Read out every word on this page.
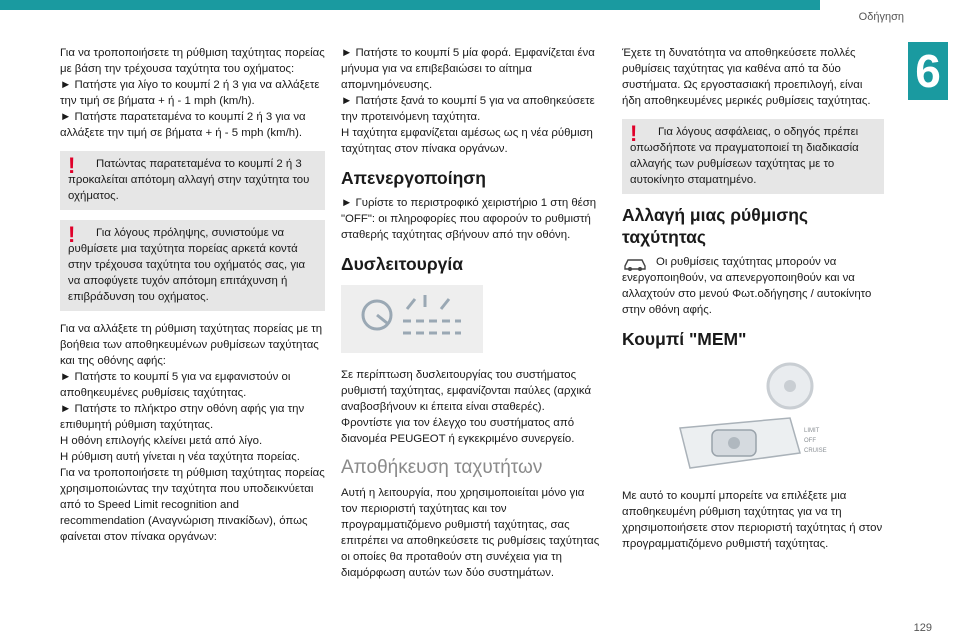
Οδήγηση
6

Για να τροποποιήσετε τη ρύθμιση ταχύτητας πορείας με βάση την τρέχουσα ταχύτητα του οχήματος:

► Πατήστε για λίγο το κουμπί 2 ή 3 για να αλλάξετε την τιμή σε βήματα + ή - 1 mph (km/h).

► Πατήστε παρατεταμένα το κουμπί 2 ή 3 για να αλλάξετε την τιμή σε βήματα + ή - 5 mph (km/h).

!	Πατώντας παρατεταμένα το κουμπί 2 ή 3 προκαλείται απότομη αλλαγή στην ταχύτητα του οχήματος.

!	Για λόγους πρόληψης, συνιστούμε να ρυθμίσετε μια ταχύτητα πορείας αρκετά κοντά στην τρέχουσα ταχύτητα του οχήματός σας, για να αποφύγετε τυχόν απότομη επιτάχυνση ή επιβράδυνση του οχήματος.

Για να αλλάξετε τη ρύθμιση ταχύτητας πορείας με τη βοήθεια των αποθηκευμένων ρυθμίσεων ταχύτητας και της οθόνης αφής:

► Πατήστε το κουμπί 5 για να εμφανιστούν οι αποθηκευμένες ρυθμίσεις ταχύτητας.

► Πατήστε το πλήκτρο στην οθόνη αφής για την επιθυμητή ρύθμιση ταχύτητας.

Η οθόνη επιλογής κλείνει μετά από λίγο.

Η ρύθμιση αυτή γίνεται η νέα ταχύτητα πορείας.

Για να τροποποιήσετε τη ρύθμιση ταχύτητας πορείας χρησιμοποιώντας την ταχύτητα που υποδεικνύεται από το Speed Limit recognition and recommendation (Αναγνώριση πινακίδων), όπως φαίνεται στον πίνακα οργάνων:

► Πατήστε το κουμπί 5 μία φορά. Εμφανίζεται ένα μήνυμα για να επιβεβαιώσει το αίτημα απομνημόνευσης.

► Πατήστε ξανά το κουμπί 5 για να αποθηκεύσετε την προτεινόμενη ταχύτητα.

Η ταχύτητα εμφανίζεται αμέσως ως η νέα ρύθμιση ταχύτητας στον πίνακα οργάνων.

Απενεργοποίηση

► Γυρίστε το περιστροφικό χειριστήριο 1 στη θέση "OFF": οι πληροφορίες που αφορούν το ρυθμιστή σταθερής ταχύτητας σβήνουν από την οθόνη.

Δυσλειτουργία

Σε περίπτωση δυσλειτουργίας του συστήματος ρυθμιστή ταχύτητας, εμφανίζονται παύλες (αρχικά αναβοσβήνουν κι έπειτα είναι σταθερές).

Φροντίστε για τον έλεγχο του συστήματος από διανομέα PEUGEOT ή εγκεκριμένο συνεργείο.

Αποθήκευση ταχυτήτων

Αυτή η λειτουργία, που χρησιμοποιείται μόνο για τον περιοριστή ταχύτητας και τον προγραμματιζόμενο ρυθμιστή ταχύτητας, σας επιτρέπει να αποθηκεύσετε τις ρυθμίσεις ταχύτητας οι οποίες θα προταθούν στη συνέχεια για τη διαμόρφωση αυτών των δύο συστημάτων.

Έχετε τη δυνατότητα να αποθηκεύσετε πολλές ρυθμίσεις ταχύτητας για καθένα από τα δύο συστήματα. Ως εργοστασιακή προεπιλογή, είναι ήδη αποθηκευμένες μερικές ρυθμίσεις ταχύτητας.

!	Για λόγους ασφάλειας, ο οδηγός πρέπει οπωσδήποτε να πραγματοποιεί τη διαδικασία αλλαγής των ρυθμίσεων ταχύτητας με το αυτοκίνητο σταματημένο.

Αλλαγή μιας ρύθμισης ταχύτητας

Οι ρυθμίσεις ταχύτητας μπορούν να ενεργοποιηθούν, να απενεργοποιηθούν και να αλλαχτούν στο μενού Φωτ.οδήγησης / αυτοκίνητο στην οθόνη αφής.

Κουμπί "MEM"
LIMIT
OFF
CRUISE

Με αυτό το κουμπί μπορείτε να επιλέξετε μια αποθηκευμένη ρύθμιση ταχύτητας για να τη χρησιμοποιήσετε στον περιοριστή ταχύτητας ή στον προγραμματιζόμενο ρυθμιστή ταχύτητας.

129
